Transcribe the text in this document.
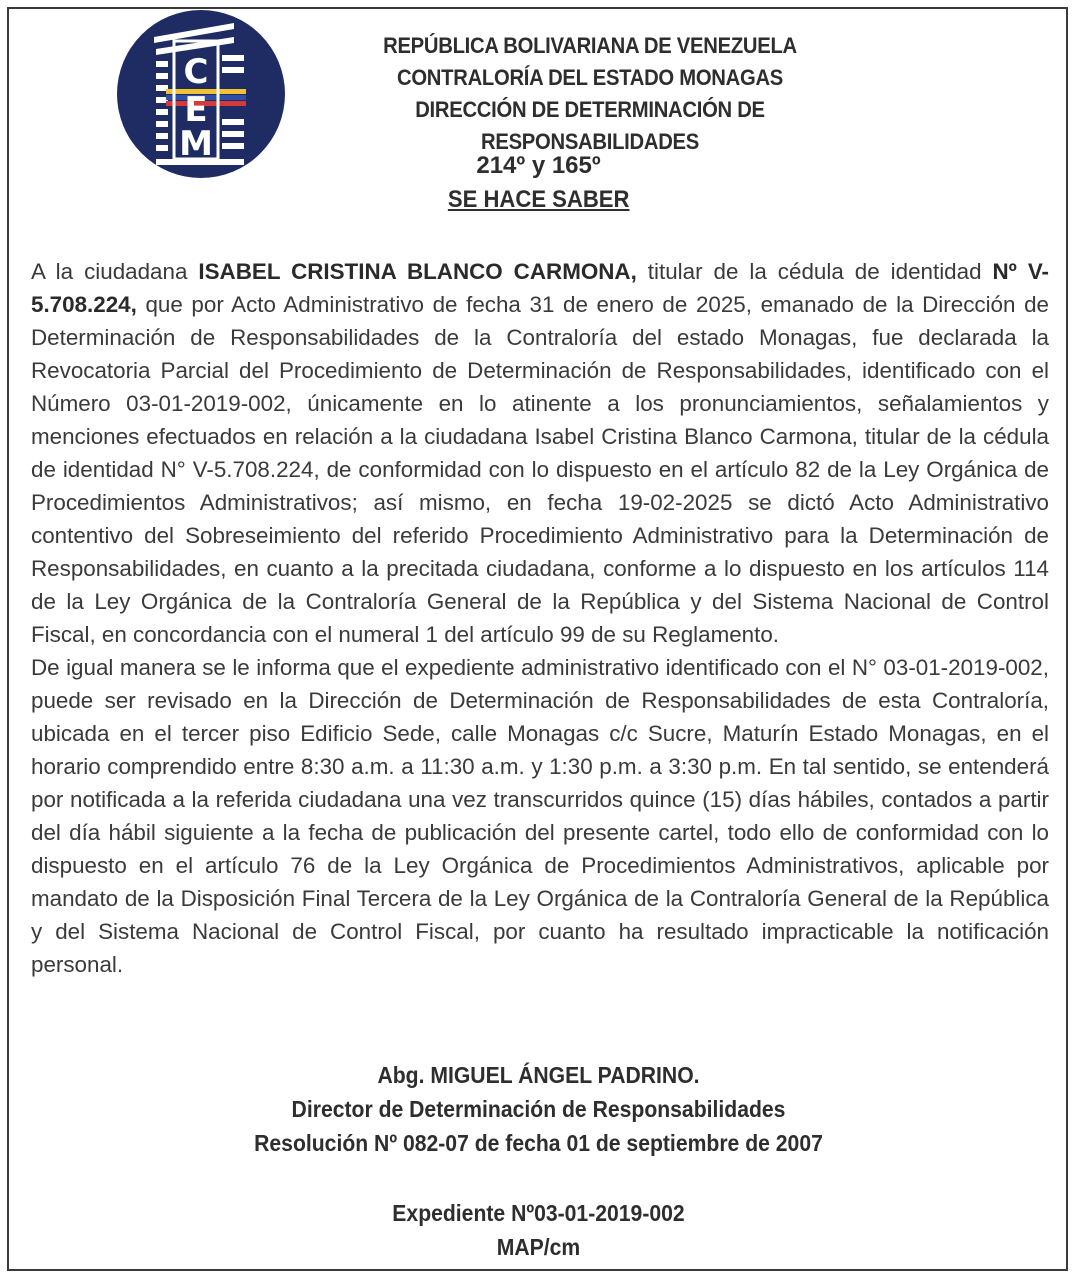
C
E
M
REPÚBLICA BOLIVARIANA DE VENEZUELA
CONTRALORÍA DEL ESTADO MONAGAS
DIRECCIÓN DE DETERMINACIÓN DE RESPONSABILIDADES
214º y 165º
SE HACE SABER

A la ciudadana ISABEL CRISTINA BLANCO CARMONA, titular de la cédula de identidad Nº V-5.708.224, que por Acto Administrativo de fecha 31 de enero de 2025, emanado de la Dirección de Determinación de Responsabilidades de la Contraloría del estado Monagas, fue declarada la Revocatoria Parcial del Procedimiento de Determinación de Responsabilidades, identificado con el Número 03-01-2019-002, únicamente en lo atinente a los pronunciamientos, señalamientos y menciones efectuados en relación a la ciudadana Isabel Cristina Blanco Carmona, titular de la cédula de identidad N° V-5.708.224, de conformidad con lo dispuesto en el artículo 82 de la Ley Orgánica de Procedimientos Administrativos; así mismo, en fecha 19-02-2025 se dictó Acto Administrativo contentivo del Sobreseimiento del referido Procedimiento Administrativo para la Determinación de Responsabilidades, en cuanto a la precitada ciudadana, conforme a lo dispuesto en los artículos 114 de la Ley Orgánica de la Contraloría General de la República y del Sistema Nacional de Control Fiscal, en concordancia con el numeral 1 del artículo 99 de su Reglamento.

De igual manera se le informa que el expediente administrativo identificado con el N° 03-01-2019-002, puede ser revisado en la Dirección de Determinación de Responsabilidades de esta Contraloría, ubicada en el tercer piso Edificio Sede, calle Monagas c/c Sucre, Maturín Estado Monagas, en el horario comprendido entre 8:30 a.m. a 11:30 a.m. y 1:30 p.m. a 3:30 p.m. En tal sentido, se entenderá por notificada a la referida ciudadana una vez transcurridos quince (15) días hábiles, contados a partir del día hábil siguiente a la fecha de publicación del presente cartel, todo ello de conformidad con lo dispuesto en el artículo 76 de la Ley Orgánica de Procedimientos Administrativos, aplicable por mandato de la Disposición Final Tercera de la Ley Orgánica de la Contraloría General de la República y del Sistema Nacional de Control Fiscal, por cuanto ha resultado impracticable la notificación personal.

Abg. MIGUEL ÁNGEL PADRINO.
Director de Determinación de Responsabilidades
Resolución Nº 082-07 de fecha 01 de septiembre de 2007
Expediente Nº03-01-2019-002
MAP/cm
